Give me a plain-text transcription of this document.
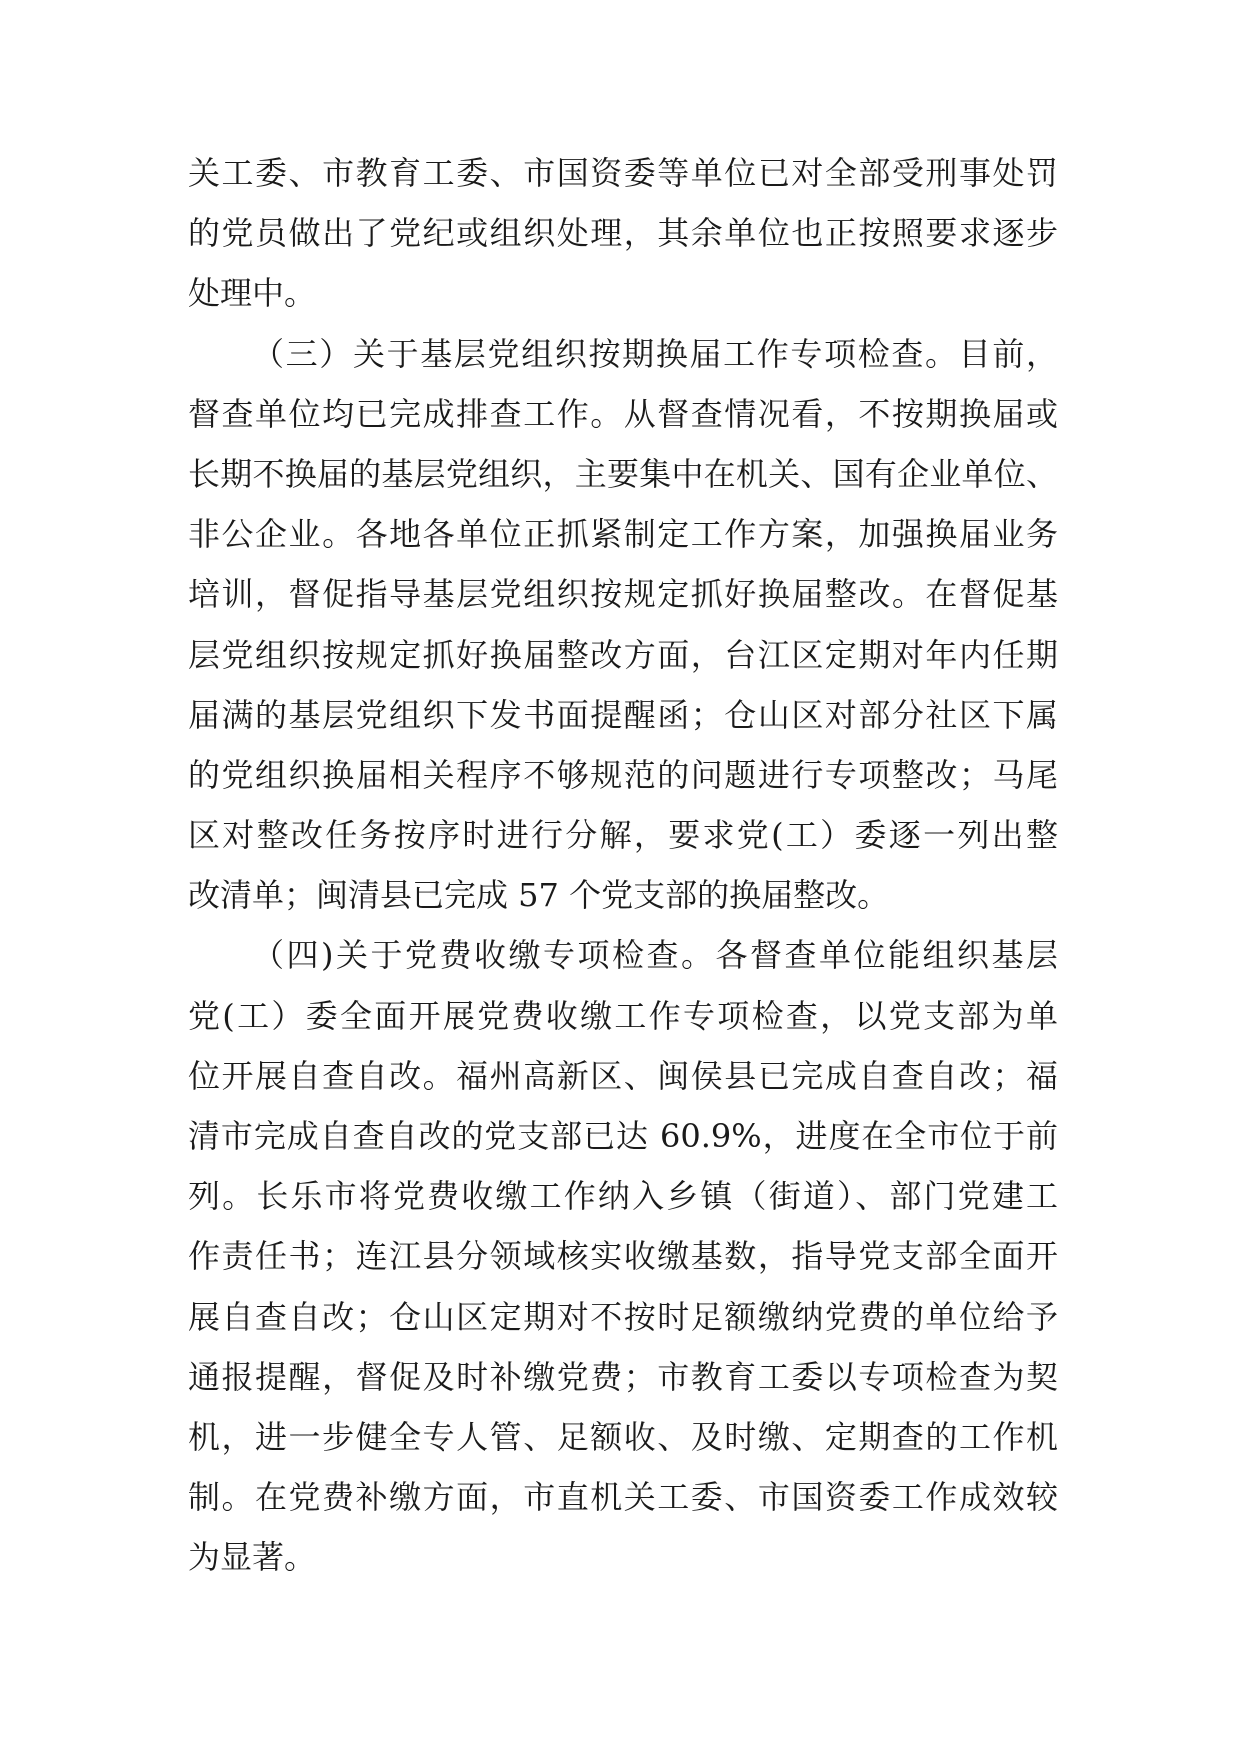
关工委、市教育工委、市国资委等单位已对全部受刑事处罚
的党员做出了党纪或组织处理，其余单位也正按照要求逐步
处理中。
（三）关于基层党组织按期换届工作专项检查。目前，
督查单位均已完成排查工作。从督查情况看，不按期换届或
长期不换届的基层党组织，主要集中在机关、国有企业单位、
非公企业。各地各单位正抓紧制定工作方案，加强换届业务
培训，督促指导基层党组织按规定抓好换届整改。在督促基
层党组织按规定抓好换届整改方面，台江区定期对年内任期
届满的基层党组织下发书面提醒函；仓山区对部分社区下属
的党组织换届相关程序不够规范的问题进行专项整改；马尾
区对整改任务按序时进行分解，要求党(工）委逐一列出整
改清单；闽清县已完成 57 个党支部的换届整改。
（四)关于党费收缴专项检查。各督查单位能组织基层
党(工）委全面开展党费收缴工作专项检查，以党支部为单
位开展自查自改。福州高新区、闽侯县已完成自查自改；福
清市完成自查自改的党支部已达 60.9%，进度在全市位于前
列。长乐市将党费收缴工作纳入乡镇（街道）、部门党建工
作责任书；连江县分领域核实收缴基数，指导党支部全面开
展自查自改；仓山区定期对不按时足额缴纳党费的单位给予
通报提醒，督促及时补缴党费；市教育工委以专项检查为契
机，进一步健全专人管、足额收、及时缴、定期查的工作机
制。在党费补缴方面，市直机关工委、市国资委工作成效较
为显著。
